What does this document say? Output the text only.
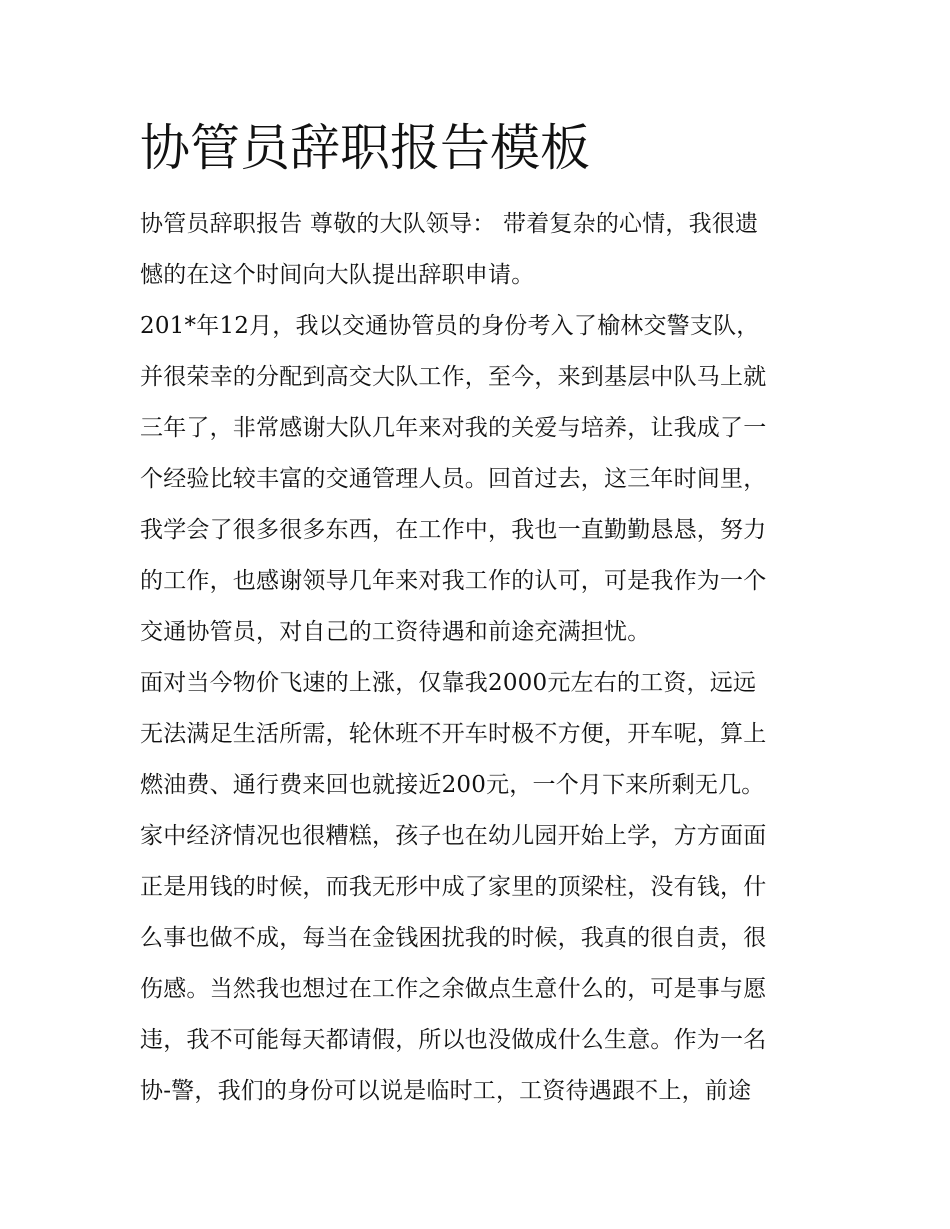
协管员辞职报告模板

协管员辞职报告 尊敬的大队领导： 带着复杂的心情，我很遗

憾的在这个时间向大队提出辞职申请。

201*年12月，我以交通协管员的身份考入了榆林交警支队，

并很荣幸的分配到高交大队工作，至今，来到基层中队马上就

三年了，非常感谢大队几年来对我的关爱与培养，让我成了一

个经验比较丰富的交通管理人员。回首过去，这三年时间里，

我学会了很多很多东西，在工作中，我也一直勤勤恳恳，努力

的工作，也感谢领导几年来对我工作的认可，可是我作为一个

交通协管员，对自己的工资待遇和前途充满担忧。

面对当今物价飞速的上涨，仅靠我2000元左右的工资，远远

无法满足生活所需，轮休班不开车时极不方便，开车呢，算上

燃油费、通行费来回也就接近200元，一个月下来所剩无几。

家中经济情况也很糟糕，孩子也在幼儿园开始上学，方方面面

正是用钱的时候，而我无形中成了家里的顶梁柱，没有钱，什

么事也做不成，每当在金钱困扰我的时候，我真的很自责，很

伤感。当然我也想过在工作之余做点生意什么的，可是事与愿

违，我不可能每天都请假，所以也没做成什么生意。作为一名

协-警，我们的身份可以说是临时工，工资待遇跟不上，前途
